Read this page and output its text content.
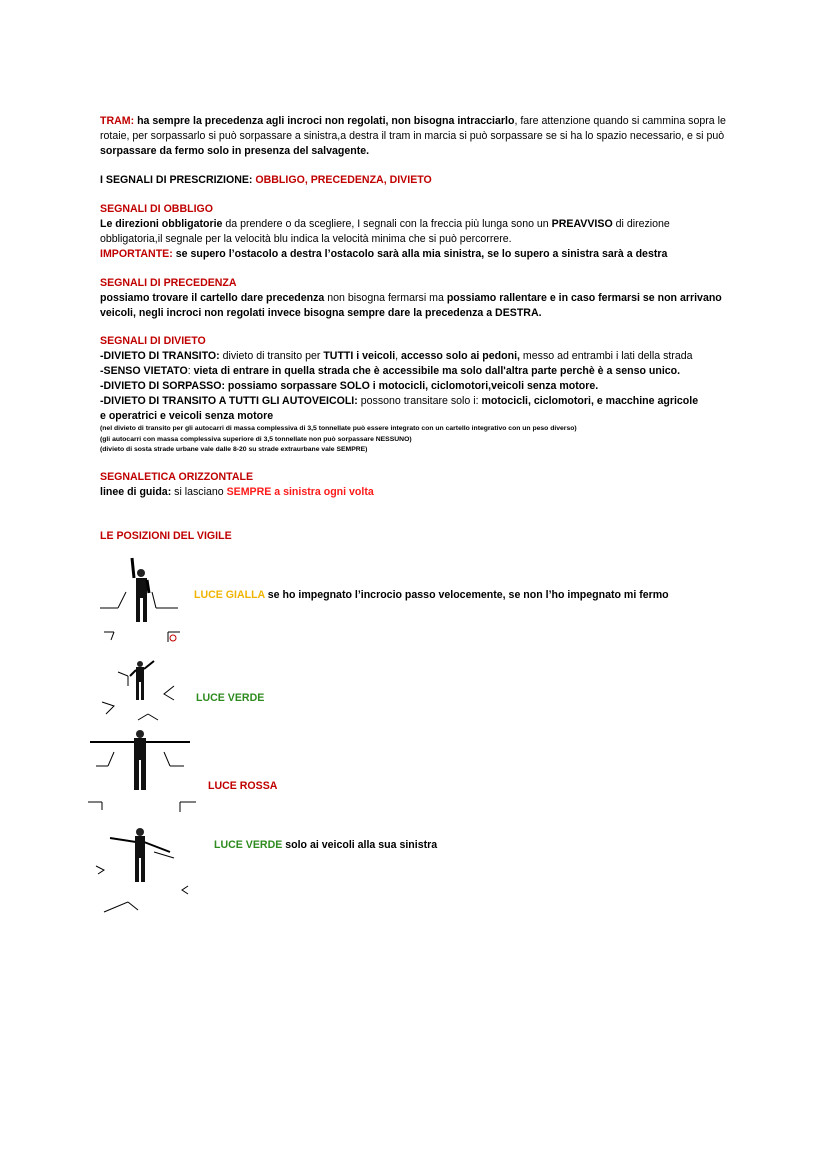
TRAM: ha sempre la precedenza agli incroci non regolati, non bisogna intracciarlo, fare attenzione quando si cammina sopra le rotaie, per sorpassarlo si può sorpassare a sinistra,a destra il tram in marcia si può sorpassare se si ha lo spazio necessario, e si può sorpassare da fermo solo in presenza del salvagente.
I SEGNALI DI PRESCRIZIONE: OBBLIGO, PRECEDENZA, DIVIETO
SEGNALI DI OBBLIGO
Le direzioni obbligatorie da prendere o da scegliere, I segnali con la freccia più lunga sono un PREAVVISO di direzione obbligatoria,il segnale per la velocità blu indica la velocità minima che si può percorrere.
IMPORTANTE: se supero l’ostacolo a destra l’ostacolo sarà alla mia sinistra, se lo supero a sinistra sarà a destra
SEGNALI DI PRECEDENZA
possiamo trovare il cartello dare precedenza non bisogna fermarsi ma possiamo rallentare e in caso fermarsi se non arrivano veicoli, negli incroci non regolati invece bisogna sempre dare la precedenza a DESTRA.
SEGNALI DI DIVIETO
-DIVIETO DI TRANSITO: divieto di transito per TUTTI i veicoli, accesso solo ai pedoni, messo ad entrambi i lati della strada
-SENSO VIETATO: vieta di entrare in quella strada che è accessibile ma solo dall'altra parte perchè è a senso unico.
-DIVIETO DI SORPASSO: possiamo sorpassare SOLO i motocicli, ciclomotori,veicoli senza motore.
-DIVIETO DI TRANSITO A TUTTI GLI AUTOVEICOLI: possono transitare solo i: motocicli, ciclomotori, e macchine agricole e operatrici e veicoli senza motore
(nel divieto di transito per gli autocarri di massa complessiva di 3,5 tonnellate può essere integrato con un cartello integrativo con un peso diverso)
(gli autocarri con massa complessiva superiore di 3,5 tonnellate non può sorpassare NESSUNO)
(divieto di sosta strade urbane vale dalle 8-20 su strade extraurbane vale SEMPRE)
SEGNALETICA ORIZZONTALE
linee di guida: si lasciano SEMPRE a sinistra ogni volta
LE POSIZIONI DEL VIGILE
LUCE GIALLA se ho impegnato l’incrocio passo velocemente, se non l’ho impegnato mi fermo
LUCE VERDE
LUCE ROSSA
LUCE VERDE solo ai veicoli alla sua sinistra
